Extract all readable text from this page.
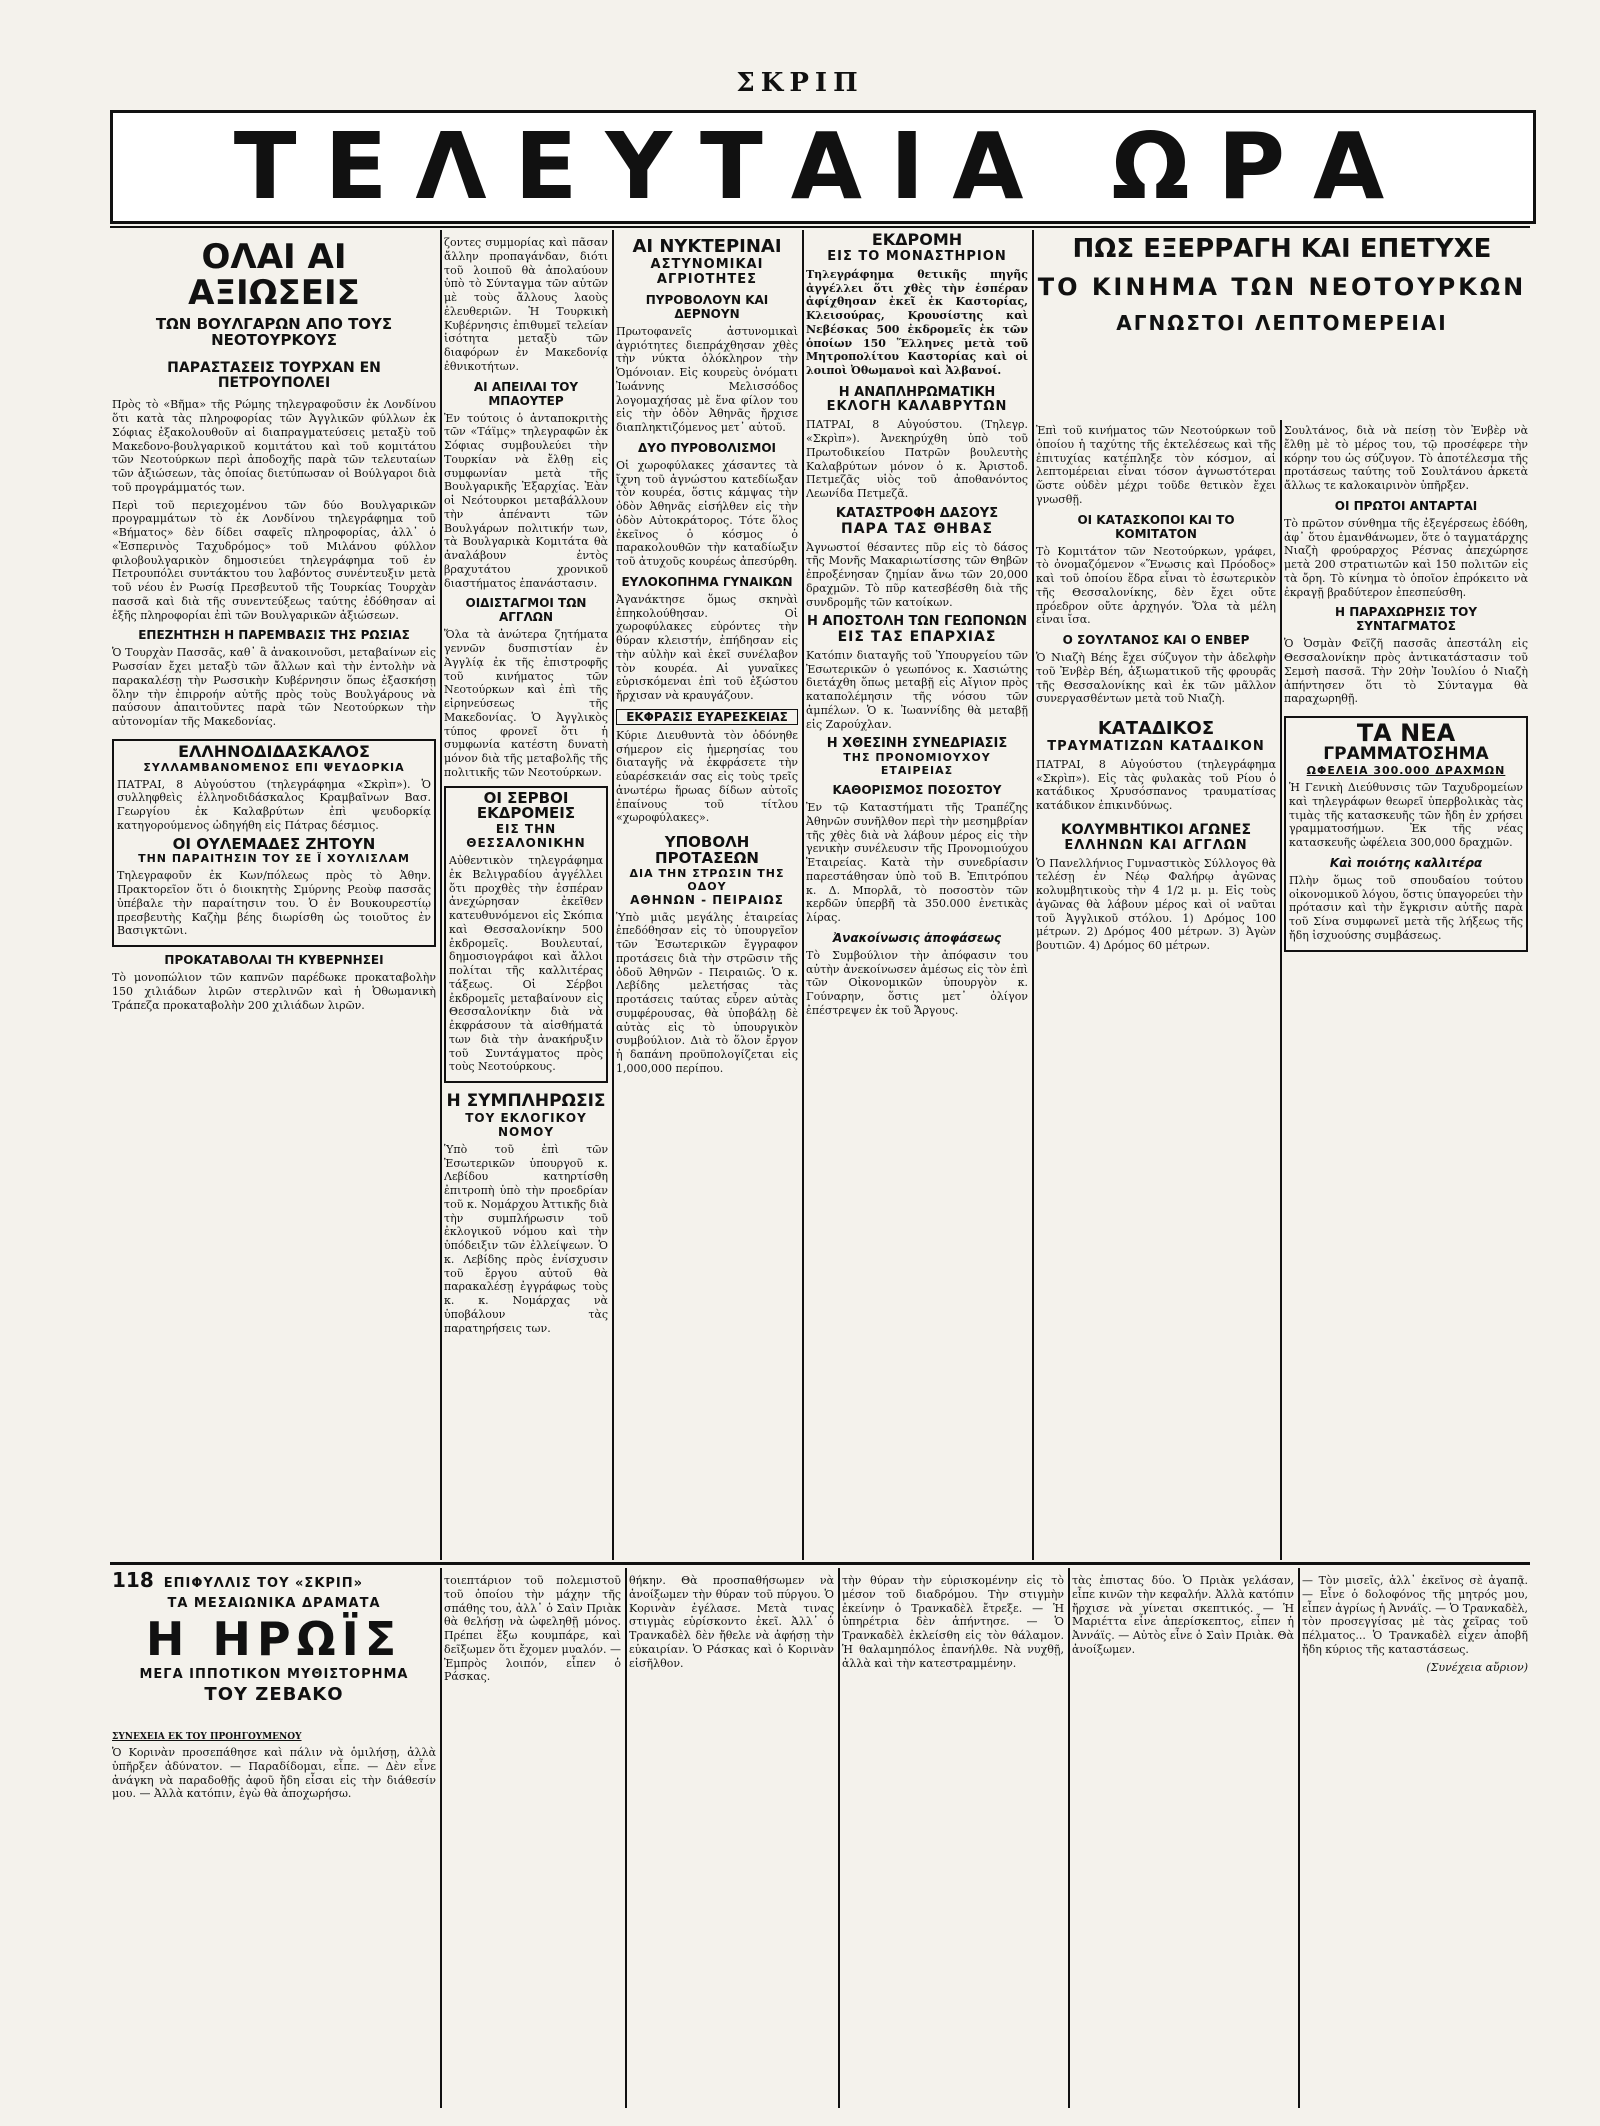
ΣΚΡΙΠ
ΤΕΛΕΥΤΑΙΑ ΩΡΑ
ΟΛΑΙ ΑΙ ΑΞΙΩΣΕΙΣ
ΤΩΝ ΒΟΥΛΓΑΡΩΝ ΑΠΟ ΤΟΥΣ ΝΕΟΤΟΥΡΚΟΥΣ
ΠΑΡΑΣΤΑΣΕΙΣ ΤΟΥΡΧΑΝ ΕΝ ΠΕΤΡΟΥΠΟΛΕΙ

Πρὸς τὸ «Βῆμα» τῆς Ρώμης τηλεγραφοῦσιν ἐκ Λονδίνου ὅτι κατὰ τὰς πληροφορίας τῶν Ἀγγλικῶν φύλλων ἐκ Σόφιας ἐξακολουθοῦν αἱ διαπραγματεύσεις μεταξὺ τοῦ Μακεδονο-βουλγαρικοῦ κομιτάτου καὶ τοῦ κομιτάτου τῶν Νεοτούρκων περὶ ἀποδοχῆς παρὰ τῶν τελευταίων τῶν ἀξιώσεων, τὰς ὁποίας διετύπωσαν οἱ Βούλγαροι διὰ τοῦ προγράμματός των.

Περὶ τοῦ περιεχομένου τῶν δύο Βουλγαρικῶν προγραμμάτων τὸ ἐκ Λονδίνου τηλεγράφημα τοῦ «Βήματος» δὲν δίδει σαφεῖς πληροφορίας, ἀλλ᾽ ὁ «Ἑσπερινὸς Ταχυδρόμος» τοῦ Μιλάνου φύλλον φιλοβουλγαρικὸν δημοσιεύει τηλεγράφημα τοῦ ἐν Πετρουπόλει συντάκτου του λαβόντος συνέντευξιν μετὰ τοῦ νέου ἐν Ρωσίᾳ Πρεσβευτοῦ τῆς Τουρκίας Τουρχὰν πασσᾶ καὶ διὰ τῆς συνεντεύξεως ταύτης ἐδόθησαν αἱ ἑξῆς πληροφορίαι ἐπὶ τῶν Βουλγαρικῶν ἀξιώσεων.

ΕΠΕΖΗΤΗΣΗ Η ΠΑΡΕΜΒΑΣΙΣ ΤΗΣ ΡΩΣΙΑΣ

Ὁ Τουρχὰν Πασσᾶς, καθ᾽ ἃ ἀνακοινοῦσι, μεταβαίνων εἰς Ρωσσίαν ἔχει μεταξὺ τῶν ἄλλων καὶ τὴν ἐντολὴν νὰ παρακαλέσῃ τὴν Ρωσσικὴν Κυβέρνησιν ὅπως ἐξασκήσῃ ὅλην τὴν ἐπιρροήν αὐτῆς πρὸς τοὺς Βουλγάρους νὰ παύσουν ἀπαιτοῦντες παρὰ τῶν Νεοτούρκων τὴν αὐτονομίαν τῆς Μακεδονίας.

ΕΛΛΗΝΟΔΙΔΑΣΚΑΛΟΣ
ΣΥΛΛΑΜΒΑΝΟΜΕΝΟΣ ΕΠΙ ΨΕΥΔΟΡΚΙΑ

ΠΑΤΡΑΙ, 8 Αὐγούστου (τηλεγράφημα «Σκρὶπ»). Ὁ συλληφθεὶς ἑλληνοδιδάσκαλος Κραμβαῖνων Βασ. Γεωργίου ἐκ Καλαβρύτων ἐπὶ ψευδορκίᾳ κατηγορούμενος ὡδηγήθη εἰς Πάτρας δέσμιος.

ΟΙ ΟΥΛΕΜΑΔΕΣ ΖΗΤΟΥΝ
ΤΗΝ ΠΑΡΑΙΤΗΣΙΝ ΤΟΥ ΣΕ Ϊ ΧΟΥΛΙΣΛΑΜ

Τηλεγραφοῦν ἐκ Κων/πόλεως πρὸς τὸ Ἀθην. Πρακτορεῖον ὅτι ὁ διοικητὴς Σμύρνης Ρεοὺφ πασσᾶς ὑπέβαλε τὴν παραίτησιν του. Ὁ ἐν Βουκουρεστίῳ πρεσβευτὴς Καζὴμ βέης διωρίσθη ὡς τοιοῦτος ἐν Βασιγκτῶνι.

ΠΡΟΚΑΤΑΒΟΛΑΙ ΤΗ ΚΥΒΕΡΝΗΣΕΙ

Τὸ μονοπώλιον τῶν καπνῶν παρέδωκε προκαταβολὴν 150 χιλιάδων λιρῶν στερλινῶν καὶ ἡ Ὀθωμανικὴ Τράπεζα προκαταβολὴν 200 χιλιάδων λιρῶν.

ζοντες συμμορίας καὶ πᾶσαν ἄλλην προπαγάνδαν, διότι τοῦ λοιποῦ θὰ ἀπολαύουν ὑπὸ τὸ Σύνταγμα τῶν αὐτῶν μὲ τοὺς ἄλλους λαοὺς ἐλευθεριῶν. Ἡ Τουρκικὴ Κυβέρνησις ἐπιθυμεῖ τελείαν ἰσότητα μεταξὺ τῶν διαφόρων ἐν Μακεδονίᾳ ἐθνικοτήτων.

ΑΙ ΑΠΕΙΛΑΙ ΤΟΥ ΜΠΑΟΥΤΕΡ

Ἐν τούτοις ὁ ἀνταποκριτὴς τῶν «Τάϊμς» τηλεγραφῶν ἐκ Σόφιας συμβουλεύει τὴν Τουρκίαν νὰ ἔλθῃ εἰς συμφωνίαν μετὰ τῆς Βουλγαρικῆς Ἐξαρχίας. Ἐὰν οἱ Νεότουρκοι μεταβάλλουν τὴν ἀπέναντι τῶν Βουλγάρων πολιτικήν των, τὰ Βουλγαρικὰ Κομιτάτα θὰ ἀναλάβουν ἐντὸς βραχυτάτου χρονικοῦ διαστήματος ἐπανάστασιν.

ΟΙΔΙΣΤΑΓΜΟΙ ΤΩΝ ΑΓΓΛΩΝ

Ὅλα τὰ ἀνώτερα ζητήματα γεννῶν δυσπιστίαν ἐν Ἀγγλίᾳ ἐκ τῆς ἐπιστροφῆς τοῦ κινήματος τῶν Νεοτούρκων καὶ ἐπὶ τῆς εἰρηνεύσεως τῆς Μακεδονίας. Ὁ Ἀγγλικὸς τύπος φρονεῖ ὅτι ἡ συμφωνία κατέστη δυνατὴ μόνον διὰ τῆς μεταβολῆς τῆς πολιτικῆς τῶν Νεοτούρκων.

ΟΙ ΣΕΡΒΟΙ ΕΚΔΡΟΜΕΙΣ
ΕΙΣ ΤΗΝ ΘΕΣΣΑΛΟΝΙΚΗΝ

Αὐθεντικὸν τηλεγράφημα ἐκ Βελιγραδίου ἀγγέλλει ὅτι προχθὲς τὴν ἑσπέραν ἀνεχώρησαν ἐκεῖθεν κατευθυνόμενοι εἰς Σκόπια καὶ Θεσσαλονίκην 500 ἐκδρομεῖς. Βουλευταί, δημοσιογράφοι καὶ ἄλλοι πολίται τῆς καλλιτέρας τάξεως. Οἱ Σέρβοι ἐκδρομεῖς μεταβαίνουν εἰς Θεσσαλονίκην διὰ νὰ ἐκφράσουν τὰ αἰσθήματά των διὰ τὴν ἀνακήρυξιν τοῦ Συντάγματος πρὸς τοὺς Νεοτούρκους.

Η ΣΥΜΠΛΗΡΩΣΙΣ
ΤΟΥ ΕΚΛΟΓΙΚΟΥ ΝΟΜΟΥ

Ὑπὸ τοῦ ἐπὶ τῶν Ἐσωτερικῶν ὑπουργοῦ κ. Λεβίδου κατηρτίσθη ἐπιτροπὴ ὑπὸ τὴν προεδρίαν τοῦ κ. Νομάρχου Ἀττικῆς διὰ τὴν συμπλήρωσιν τοῦ ἐκλογικοῦ νόμου καὶ τὴν ὑπόδειξιν τῶν ἐλλείψεων. Ὁ κ. Λεβίδης πρὸς ἐνίσχυσιν τοῦ ἔργου αὐτοῦ θὰ παρακαλέσῃ ἐγγράφως τοὺς κ. κ. Νομάρχας νὰ ὑποβάλουν τὰς παρατηρήσεις των.

ΑΙ ΝΥΚΤΕΡΙΝΑΙ
ΑΣΤΥΝΟΜΙΚΑΙ ΑΓΡΙΟΤΗΤΕΣ
ΠΥΡΟΒΟΛΟΥΝ ΚΑΙ ΔΕΡΝΟΥΝ

Πρωτοφανεῖς ἀστυνομικαὶ ἀγριότητες διεπράχθησαν χθὲς τὴν νύκτα ὁλόκληρον τὴν Ὁμόνοιαν. Εἰς κουρεὺς ὀνόματι Ἰωάννης Μελισσόδος λογομαχήσας μὲ ἕνα φίλον του εἰς τὴν ὁδὸν Ἀθηνᾶς ἤρχισε διαπληκτιζόμενος μετ᾽ αὐτοῦ.

ΔΥΟ ΠΥΡΟΒΟΛΙΣΜΟΙ

Οἱ χωροφύλακες χάσαντες τὰ ἴχνη τοῦ ἀγνώστου κατεδίωξαν τὸν κουρέα, ὅστις κάμψας τὴν ὁδὸν Ἀθηνᾶς εἰσήλθεν εἰς τὴν ὁδὸν Αὐτοκράτορος. Τότε ὅλος ἐκεῖνος ὁ κόσμος ὁ παρακολουθῶν τὴν καταδίωξιν τοῦ ἀτυχοῦς κουρέως ἀπεσύρθη.

ΕΥΛΟΚΟΠΗΜΑ ΓΥΝΑΙΚΩΝ

Ἀγανάκτησε ὅμως σκηνὰὶ ἐπηκολούθησαν. Οἱ χωροφύλακες εὑρόντες τὴν θύραν κλειστήν, ἐπήδησαν εἰς τὴν αὐλὴν καὶ ἐκεῖ συνέλαβον τὸν κουρέα. Αἱ γυναῖκες εὑρισκόμεναι ἐπὶ τοῦ ἐξώστου ἤρχισαν νὰ κραυγάζουν.

ΕΚΦΡΑΣΙΣ ΕΥΑΡΕΣΚΕΙΑΣ

Κύριε Διευθυντὰ τὸν ὁδόνηθε σήμερον εἰς ἠμερησίας του διαταγῆς νὰ ἐκφράσετε τὴν εὐαρέσκειάν σας εἰς τοὺς τρεῖς ἀνωτέρω ἥρωας δίδων αὐτοῖς ἐπαίνους τοῦ τίτλου «χωροφύλακες».

ΥΠΟΒΟΛΗ ΠΡΟΤΑΣΕΩΝ
ΔΙΑ ΤΗΝ ΣΤΡΩΣΙΝ ΤΗΣ ΟΔΟΥ
ΑΘΗΝΩΝ - ΠΕΙΡΑΙΩΣ

Ὑπὸ μιᾶς μεγάλης ἑταιρείας ἐπεδόθησαν εἰς τὸ ὑπουργεῖον τῶν Ἐσωτερικῶν ἔγγραφον προτάσεις διὰ τὴν στρῶσιν τῆς ὁδοῦ Ἀθηνῶν - Πειραιῶς. Ὁ κ. Λεβίδης μελετήσας τὰς προτάσεις ταύτας εὗρεν αὐτὰς συμφέρουσας, θὰ ὑποβάλῃ δὲ αὐτὰς εἰς τὸ ὑπουργικὸν συμβούλιον. Διὰ τὸ ὅλον ἔργον ἡ δαπάνη προϋπολογίζεται εἰς 1,000,000 περίπου.

ΕΚΔΡΟΜΗ
ΕΙΣ ΤΟ ΜΟΝΑΣΤΗΡΙΟΝ

Τηλεγράφημα θετικῆς πηγῆς ἀγγέλλει ὅτι χθὲς τὴν ἑσπέραν ἀφίχθησαν ἐκεῖ ἐκ Καστορίας, Κλεισούρας, Κρουσίστης καὶ Νεβέσκας 500 ἐκδρομεῖς ἐκ τῶν ὁποίων 150 Ἕλληνες μετὰ τοῦ Μητροπολίτου Καστορίας καὶ οἱ λοιποὶ Ὀθωμανοὶ καὶ Ἀλβανοί.

Η ΑΝΑΠΛΗΡΩΜΑΤΙΚΗ
ΕΚΛΟΓΗ ΚΑΛΑΒΡΥΤΩΝ

ΠΑΤΡΑΙ, 8 Αὐγούστου. (Τηλεγρ. «Σκρὶπ»). Ἀνεκηρύχθη ὑπὸ τοῦ Πρωτοδικείου Πατρῶν βουλευτὴς Καλαβρύτων μόνον ὁ κ. Ἀριστοδ. Πετμεζᾶς υἱὸς τοῦ ἀποθανόντος Λεωνίδα Πετμεζᾶ.

ΚΑΤΑΣΤΡΟΦΗ ΔΑΣΟΥΣ
ΠΑΡΑ ΤΑΣ ΘΗΒΑΣ

Ἀγνωστοί θέσαντες πῦρ εἰς τὸ δάσος τῆς Μονῆς Μακαριωτίσσης τῶν Θηβῶν ἐπροξένησαν ζημίαν ἄνω τῶν 20,000 δραχμῶν. Τὸ πῦρ κατεσβέσθη διὰ τῆς συνδρομῆς τῶν κατοίκων.

Η ΑΠΟΣΤΟΛΗ ΤΩΝ ΓΕΩΠΟΝΩΝ
ΕΙΣ ΤΑΣ ΕΠΑΡΧΙΑΣ

Κατόπιν διαταγῆς τοῦ Ὑπουργείου τῶν Ἐσωτερικῶν ὁ γεωπόνος κ. Χασιώτης διετάχθη ὅπως μεταβῇ εἰς Αἴγιον πρὸς καταπολέμησιν τῆς νόσου τῶν ἀμπέλων. Ὁ κ. Ἰωαννίδης θὰ μεταβῇ εἰς Ζαρούχλαν.

Η ΧΘΕΣΙΝΗ ΣΥΝΕΔΡΙΑΣΙΣ
ΤΗΣ ΠΡΟΝΟΜΙΟΥΧΟΥ ΕΤΑΙΡΕΙΑΣ
ΚΑΘΟΡΙΣΜΟΣ ΠΟΣΟΣΤΟΥ

Ἐν τῷ Καταστήματι τῆς Τραπέζης Ἀθηνῶν συνῆλθον περὶ τὴν μεσημβρίαν τῆς χθὲς διὰ νὰ λάβουν μέρος εἰς τὴν γενικὴν συνέλευσιν τῆς Προνομιούχου Ἑταιρείας. Κατὰ τὴν συνεδρίασιν παρεστάθησαν ὑπὸ τοῦ Β. Ἐπιτρόπου κ. Δ. Μπορλᾶ, τὸ ποσοστὸν τῶν κερδῶν ὑπερβῆ τὰ 350.000 ἐνετικὰς λίρας.

Ἀνακοίνωσις ἀποφάσεως

Τὸ Συμβούλιον τὴν ἀπόφασιν του αὐτὴν ἀνεκοίνωσεν ἀμέσως εἰς τὸν ἐπὶ τῶν Οἰκονομικῶν ὑπουργὸν κ. Γούναρην, ὅστις μετ᾽ ὀλίγον ἐπέστρεψεν ἐκ τοῦ Ἄργους.

ΠΩΣ ΕΞΕΡΡΑΓΗ ΚΑΙ ΕΠΕΤΥΧΕ
ΤΟ ΚΙΝΗΜΑ ΤΩΝ ΝΕΟΤΟΥΡΚΩΝ
ΑΓΝΩΣΤΟΙ ΛΕΠΤΟΜΕΡΕΙΑΙ

Ἐπὶ τοῦ κινήματος τῶν Νεοτούρκων τοῦ ὁποίου ἡ ταχύτης τῆς ἐκτελέσεως καὶ τῆς ἐπιτυχίας κατέπληξε τὸν κόσμον, αἱ λεπτομέρειαι εἶναι τόσον ἀγνωστότεραι ὥστε οὐδὲν μέχρι τοῦδε θετικὸν ἔχει γνωσθῇ.

ΟΙ ΚΑΤΑΣΚΟΠΟΙ ΚΑΙ ΤΟ ΚΟΜΙΤΑΤΟΝ

Τὸ Κομιτάτον τῶν Νεοτούρκων, γράφει, τὸ ὀνομαζόμενον «Ἕνωσις καὶ Πρόοδος» καὶ τοῦ ὁποίου ἕδρα εἶναι τὸ ἐσωτερικὸν τῆς Θεσσαλονίκης, δὲν ἔχει οὔτε πρόεδρον οὔτε ἀρχηγόν. Ὅλα τὰ μέλη εἶναι ἴσα.

Ο ΣΟΥΛΤΑΝΟΣ ΚΑΙ Ο ΕΝΒΕΡ

Ὁ Νιαζὴ Βέης ἔχει σύζυγον τὴν ἀδελφὴν τοῦ Ἐνβὲρ Βέη, ἀξιωματικοῦ τῆς φρουρᾶς τῆς Θεσσαλονίκης καὶ ἐκ τῶν μᾶλλον συνεργασθέντων μετὰ τοῦ Νιαζὴ.

ΚΑΤΑΔΙΚΟΣ
ΤΡΑΥΜΑΤΙΖΩΝ ΚΑΤΑΔΙΚΟΝ

ΠΑΤΡΑΙ, 8 Αὐγούστου (τηλεγράφημα «Σκρὶπ»). Εἰς τὰς φυλακὰς τοῦ Ρίου ὁ κατάδικος Χρυσόσπανος τραυματίσας κατάδικον ἐπικινδύνως.

ΚΟΛΥΜΒΗΤΙΚΟΙ ΑΓΩΝΕΣ
ΕΛΛΗΝΩΝ ΚΑΙ ΑΓΓΛΩΝ

Ὁ Πανελλήνιος Γυμναστικὸς Σύλλογος θὰ τελέσῃ ἐν Νέῳ Φαλήρῳ ἀγῶνας κολυμβητικοὺς τὴν 4 1/2 μ. μ. Εἰς τοὺς ἀγῶνας θὰ λάβουν μέρος καὶ οἱ ναῦται τοῦ Ἀγγλικοῦ στόλου. 1) Δρόμος 100 μέτρων. 2) Δρόμος 400 μέτρων. 3) Ἀγὼν βουτιῶν. 4) Δρόμος 60 μέτρων.

Σουλτάνος, διὰ νὰ πείσῃ τὸν Ἐνβὲρ νὰ ἔλθῃ μὲ τὸ μέρος του, τῷ προσέφερε τὴν κόρην του ὡς σύζυγον. Τὸ ἀποτέλεσμα τῆς προτάσεως ταύτης τοῦ Σουλτάνου ἀρκετὰ ἄλλως τε καλοκαιρινὸν ὑπῆρξεν.

ΟΙ ΠΡΩΤΟΙ ΑΝΤΑΡΤΑΙ

Τὸ πρῶτον σύνθημα τῆς ἐξεγέρσεως ἐδόθη, ἀφ᾽ ὅτου ἐμανθάνωμεν, ὅτε ὁ ταγματάρχης Νιαζὴ φρούραρχος Ρέσνας ἀπεχώρησε μετὰ 200 στρατιωτῶν καὶ 150 πολιτῶν εἰς τὰ ὄρη. Τὸ κίνημα τὸ ὁποῖον ἐπρόκειτο νὰ ἐκραγῇ βραδύτερον ἐπεσπεύσθη.

Η ΠΑΡΑΧΩΡΗΣΙΣ ΤΟΥ ΣΥΝΤΑΓΜΑΤΟΣ

Ὁ Ὀσμὰν Φεϊζῆ πασσᾶς ἀπεστάλη εἰς Θεσσαλονίκην πρὸς ἀντικατάστασιν τοῦ Σεμσὴ πασσᾶ. Τὴν 20ὴν Ἰουλίου ὁ Νιαζὴ ἀπήντησεν ὅτι τὸ Σύνταγμα θὰ παραχωρηθῇ.

ΤΑ ΝΕΑ
ΓΡΑΜΜΑΤΟΣΗΜΑ
ΩΦΕΛΕΙΑ 300.000 ΔΡΑΧΜΩΝ

Ἡ Γενικὴ Διεύθυνσις τῶν Ταχυδρομείων καὶ τηλεγράφων θεωρεῖ ὑπερβολικὰς τὰς τιμὰς τῆς κατασκευῆς τῶν ἤδη ἐν χρήσει γραμματοσήμων. Ἐκ τῆς νέας κατασκευῆς ὠφέλεια 300,000 δραχμῶν.

Καὶ ποιότης καλλιτέρα

Πλὴν ὅμως τοῦ σπουδαίου τούτου οἰκονομικοῦ λόγου, ὅστις ὑπαγορεύει τὴν πρότασιν καὶ τὴν ἔγκρισιν αὐτῆς παρὰ τοῦ Σίνα συμφωνεῖ μετὰ τῆς λήξεως τῆς ἤδη ἰσχυούσης συμβάσεως.

118 ΕΠΙΦΥΛΛΙΣ ΤΟΥ «ΣΚΡΙΠ»
ΤΑ ΜΕΣΑΙΩΝΙΚΑ ΔΡΑΜΑΤΑ
Η ΗΡΩΪΣ
ΜΕΓΑ ΙΠΠΟΤΙΚΟΝ ΜΥΘΙΣΤΟΡΗΜΑ
ΤΟΥ ΖΕΒΑΚΟ
ΣΥΝΕΧΕΙΑ ΕΚ ΤΟΥ ΠΡΟΗΓΟΥΜΕΝΟΥ

Ὁ Κορινὰν προσεπάθησε καὶ πάλιν νὰ ὁμιλήσῃ, ἀλλὰ ὑπῆρξεν ἀδύνατον. — Παραδίδομαι, εἶπε. — Δὲν εἶνε ἀνάγκη νὰ παραδοθῇς ἀφοῦ ἤδη εἶσαι εἰς τὴν διάθεσίν μου. — Ἀλλὰ κατόπιν, ἐγὼ θὰ ἀποχωρήσω.

τοιεπτάριον τοῦ πολεμιστοῦ τοῦ ὁποίου τὴν μάχην τῆς σπάθης του, ἀλλ᾽ ὁ Σαὶν Πριὰκ θὰ θελήσῃ νὰ ὠφεληθῇ μόνος. Πρέπει ἔξω κουμπάρε, καὶ δεῖξωμεν ὅτι ἔχομεν μυαλόν. — Ἐμπρὸς λοιπόν, εἶπεν ὁ Ράσκας.

θήκην. Θὰ προσπαθήσωμεν νὰ ἀνοίξωμεν τὴν θύραν τοῦ πύργου. Ὁ Κορινὰν ἐγέλασε. Μετὰ τινας στιγμὰς εὑρίσκοντο ἐκεῖ. Ἀλλ᾽ ὁ Τρανκαδὲλ δὲν ἤθελε νὰ ἀφήσῃ τὴν εὐκαιρίαν. Ὁ Ράσκας καὶ ὁ Κορινὰν εἰσῆλθον.

τὴν θύραν τὴν εὑρισκομένην εἰς τὸ μέσον τοῦ διαδρόμου. Τὴν στιγμὴν ἐκείνην ὁ Τρανκαδὲλ ἔτρεξε. — Ἡ ὑπηρέτρια δὲν ἀπήντησε. — Ὁ Τρανκαδὲλ ἐκλείσθη εἰς τὸν θάλαμον. Ἡ θαλαμηπόλος ἐπανήλθε. Νὰ νυχθῇ, ἀλλὰ καὶ τὴν κατεστραμμένην.

τὰς ἐπιστας δύο. Ὁ Πριὰκ γελάσαν, εἶπε κινῶν τὴν κεφαλήν. Ἀλλὰ κατόπιν ἤρχισε νὰ γίνεται σκεπτικός. — Ἡ Μαριέττα εἶνε ἀπερίσκεπτος, εἶπεν ἡ Ἀννάϊς. — Αὐτὸς εἶνε ὁ Σαὶν Πριὰκ. Θὰ ἀνοίξωμεν.

— Τὸν μισεῖς, ἀλλ᾽ ἐκεῖνος σὲ ἀγαπᾷ. — Εἶνε ὁ δολοφόνος τῆς μητρός μου, εἶπεν ἀγρίως ἡ Ἀννάϊς. — Ὁ Τρανκαδὲλ, τὸν προσεγγίσας μὲ τὰς χεῖρας τοῦ πέλματος... Ὁ Τρανκαδὲλ εἶχεν ἀποβῆ ἤδη κύριος τῆς καταστάσεως.

(Συνέχεια αὔριον)
